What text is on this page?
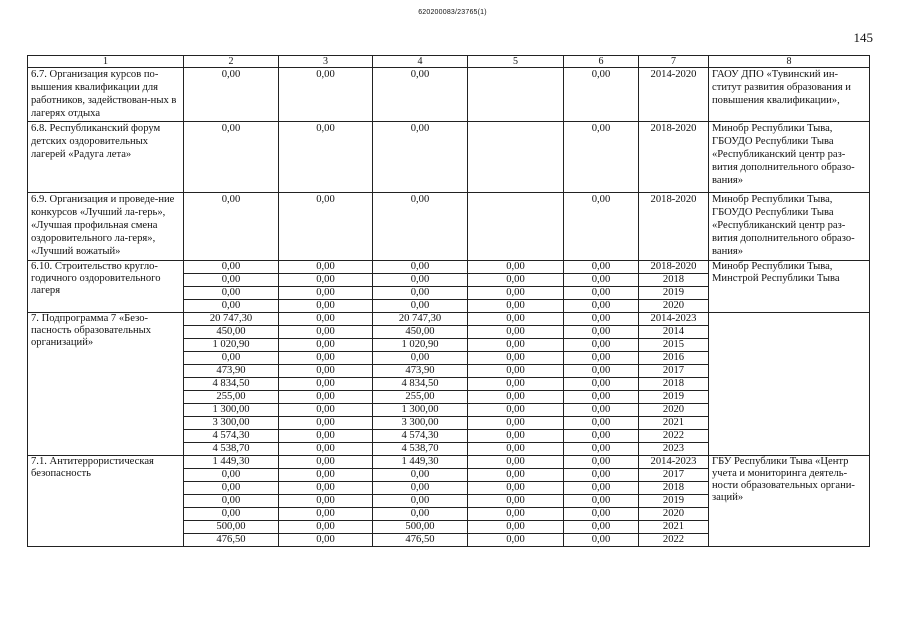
620200083/23765(1)
145
1	2	3	4	5	6	7	8
6.7. Организация курсов по-вышения квалификации для работников, задействован-ных в лагерях отдыха	0,00	0,00	0,00		0,00	2014-2020	ГАОУ ДПО «Тувинский ин-ститут развития образования и повышения квалификации»,
6.8. Республиканский форум детских оздоровительных лагерей «Радуга лета»	0,00	0,00	0,00		0,00	2018-2020	Минобр Республики Тыва, ГБОУДО Республики Тыва «Республиканский центр раз-вития дополнительного образо-вания»
6.9. Организация и проведе-ние конкурсов «Лучший ла-герь», «Лучшая профильная смена оздоровительного ла-геря», «Лучший вожатый»	0,00	0,00	0,00		0,00	2018-2020	Минобр Республики Тыва, ГБОУДО Республики Тыва «Республиканский центр раз-вития дополнительного образо-вания»
6.10. Строительство кругло-годичного оздоровительного лагеря	0,00	0,00	0,00	0,00	0,00	2018-2020	Минобр Республики Тыва, Минстрой Республики Тыва
	0,00	0,00	0,00	0,00	0,00	2018	
	0,00	0,00	0,00	0,00	0,00	2019	
	0,00	0,00	0,00	0,00	0,00	2020	
7. Подпрограмма 7 «Безо-пасность образовательных организаций»	20 747,30	0,00	20 747,30	0,00	0,00	2014-2023	
	450,00	0,00	450,00	0,00	0,00	2014	
	1 020,90	0,00	1 020,90	0,00	0,00	2015	
	0,00	0,00	0,00	0,00	0,00	2016	
	473,90	0,00	473,90	0,00	0,00	2017	
	4 834,50	0,00	4 834,50	0,00	0,00	2018	
	255,00	0,00	255,00	0,00	0,00	2019	
	1 300,00	0,00	1 300,00	0,00	0,00	2020	
	3 300,00	0,00	3 300,00	0,00	0,00	2021	
	4 574,30	0,00	4 574,30	0,00	0,00	2022	
	4 538,70	0,00	4 538,70	0,00	0,00	2023	
7.1. Антитеррористическая безопасность	1 449,30	0,00	1 449,30	0,00	0,00	2014-2023	ГБУ Республики Тыва «Центр учета и мониторинга деятель-ности образовательных органи-заций»
	0,00	0,00	0,00	0,00	0,00	2017	
	0,00	0,00	0,00	0,00	0,00	2018	
	0,00	0,00	0,00	0,00	0,00	2019	
	0,00	0,00	0,00	0,00	0,00	2020	
	500,00	0,00	500,00	0,00	0,00	2021	
	476,50	0,00	476,50	0,00	0,00	2022	
